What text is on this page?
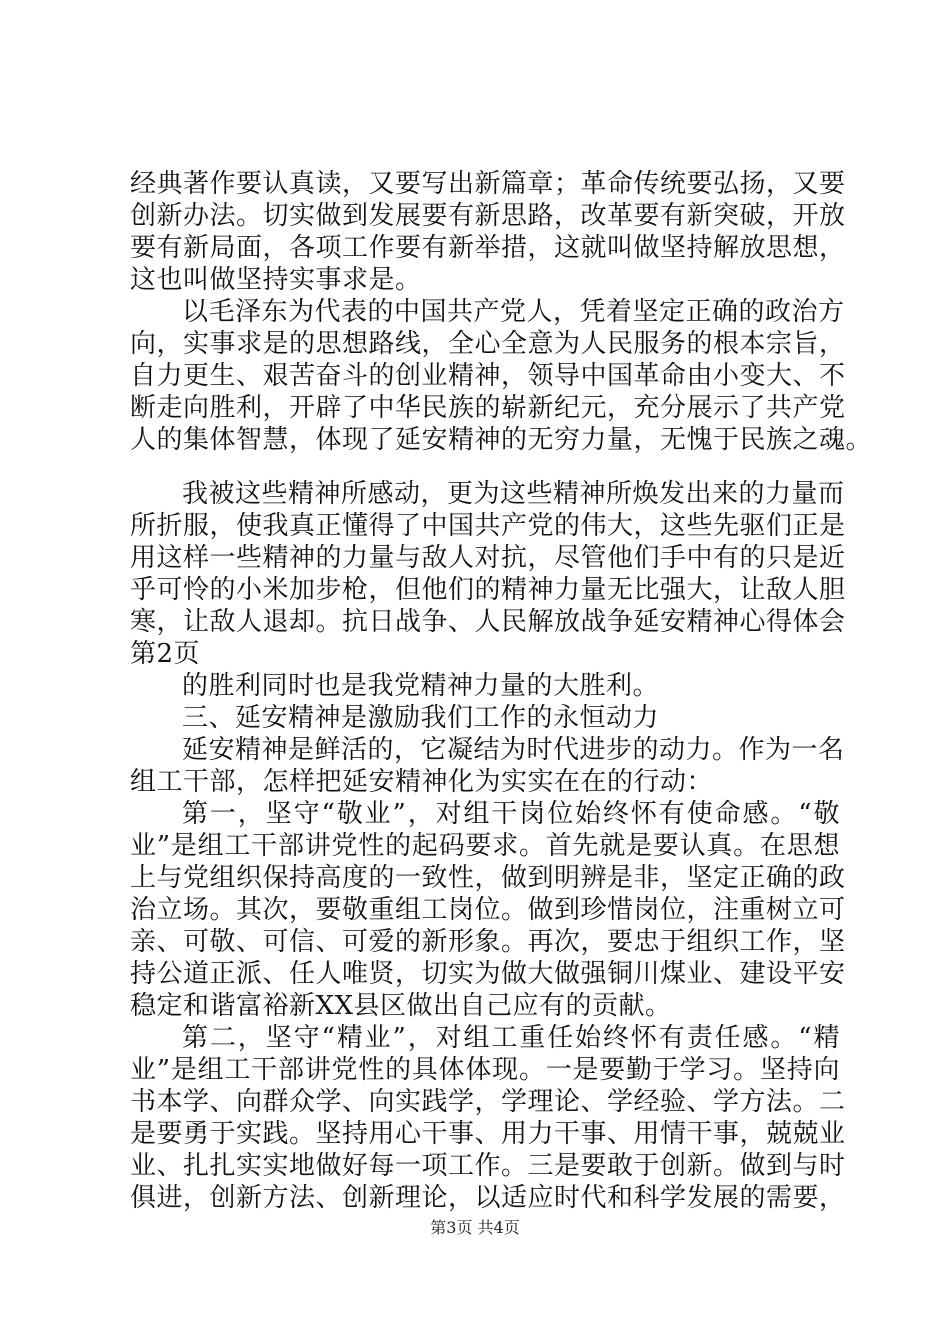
经典著作要认真读，又要写出新篇章；革命传统要弘扬，又要
创新办法。切实做到发展要有新思路，改革要有新突破，开放
要有新局面，各项工作要有新举措，这就叫做坚持解放思想，
这也叫做坚持实事求是。
以毛泽东为代表的中国共产党人，凭着坚定正确的政治方
向，实事求是的思想路线，全心全意为人民服务的根本宗旨，
自力更生、艰苦奋斗的创业精神，领导中国革命由小变大、不
断走向胜利，开辟了中华民族的崭新纪元，充分展示了共产党
人的集体智慧，体现了延安精神的无穷力量，无愧于民族之魂。
我被这些精神所感动，更为这些精神所焕发出来的力量而
所折服，使我真正懂得了中国共产党的伟大，这些先驱们正是
用这样一些精神的力量与敌人对抗，尽管他们手中有的只是近
乎可怜的小米加步枪，但他们的精神力量无比强大，让敌人胆
寒，让敌人退却。抗日战争、人民解放战争延安精神心得体会
第2页
的胜利同时也是我党精神力量的大胜利。
三、延安精神是激励我们工作的永恒动力
延安精神是鲜活的，它凝结为时代进步的动力。作为一名
组工干部，怎样把延安精神化为实实在在的行动：
第一，坚守“敬业”，对组干岗位始终怀有使命感。“敬
业”是组工干部讲党性的起码要求。首先就是要认真。在思想
上与党组织保持高度的一致性，做到明辨是非，坚定正确的政
治立场。其次，要敬重组工岗位。做到珍惜岗位，注重树立可
亲、可敬、可信、可爱的新形象。再次，要忠于组织工作，坚
持公道正派、任人唯贤，切实为做大做强铜川煤业、建设平安
稳定和谐富裕新XX县区做出自己应有的贡献。
第二，坚守“精业”，对组工重任始终怀有责任感。“精
业”是组工干部讲党性的具体体现。一是要勤于学习。坚持向
书本学、向群众学、向实践学，学理论、学经验、学方法。二
是要勇于实践。坚持用心干事、用力干事、用情干事，兢兢业
业、扎扎实实地做好每一项工作。三是要敢于创新。做到与时
俱进，创新方法、创新理论，以适应时代和科学发展的需要，
第3页 共4页
